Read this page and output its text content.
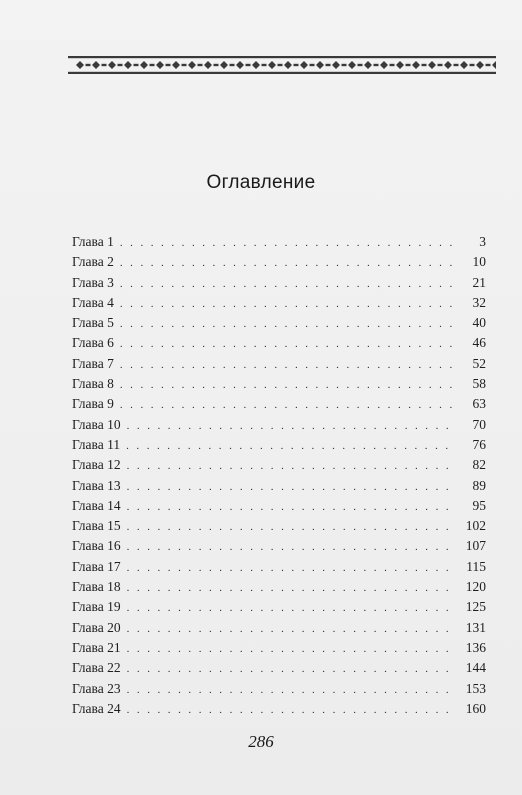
Оглавление
Глава 1 . . .	3
Глава 2 . . .	10
Глава 3 . . .	21
Глава 4 . . .	32
Глава 5 . . .	40
Глава 6 . . .	46
Глава 7 . . .	52
Глава 8 . . .	58
Глава 9 . . .	63
Глава 10 . . .	70
Глава 11 . . .	76
Глава 12 . . .	82
Глава 13 . . .	89
Глава 14 . . .	95
Глава 15 . . .	102
Глава 16 . . .	107
Глава 17 . . .	115
Глава 18 . . .	120
Глава 19 . . .	125
Глава 20 . . .	131
Глава 21 . . .	136
Глава 22 . . .	144
Глава 23 . . .	153
Глава 24 . . .	160
286
